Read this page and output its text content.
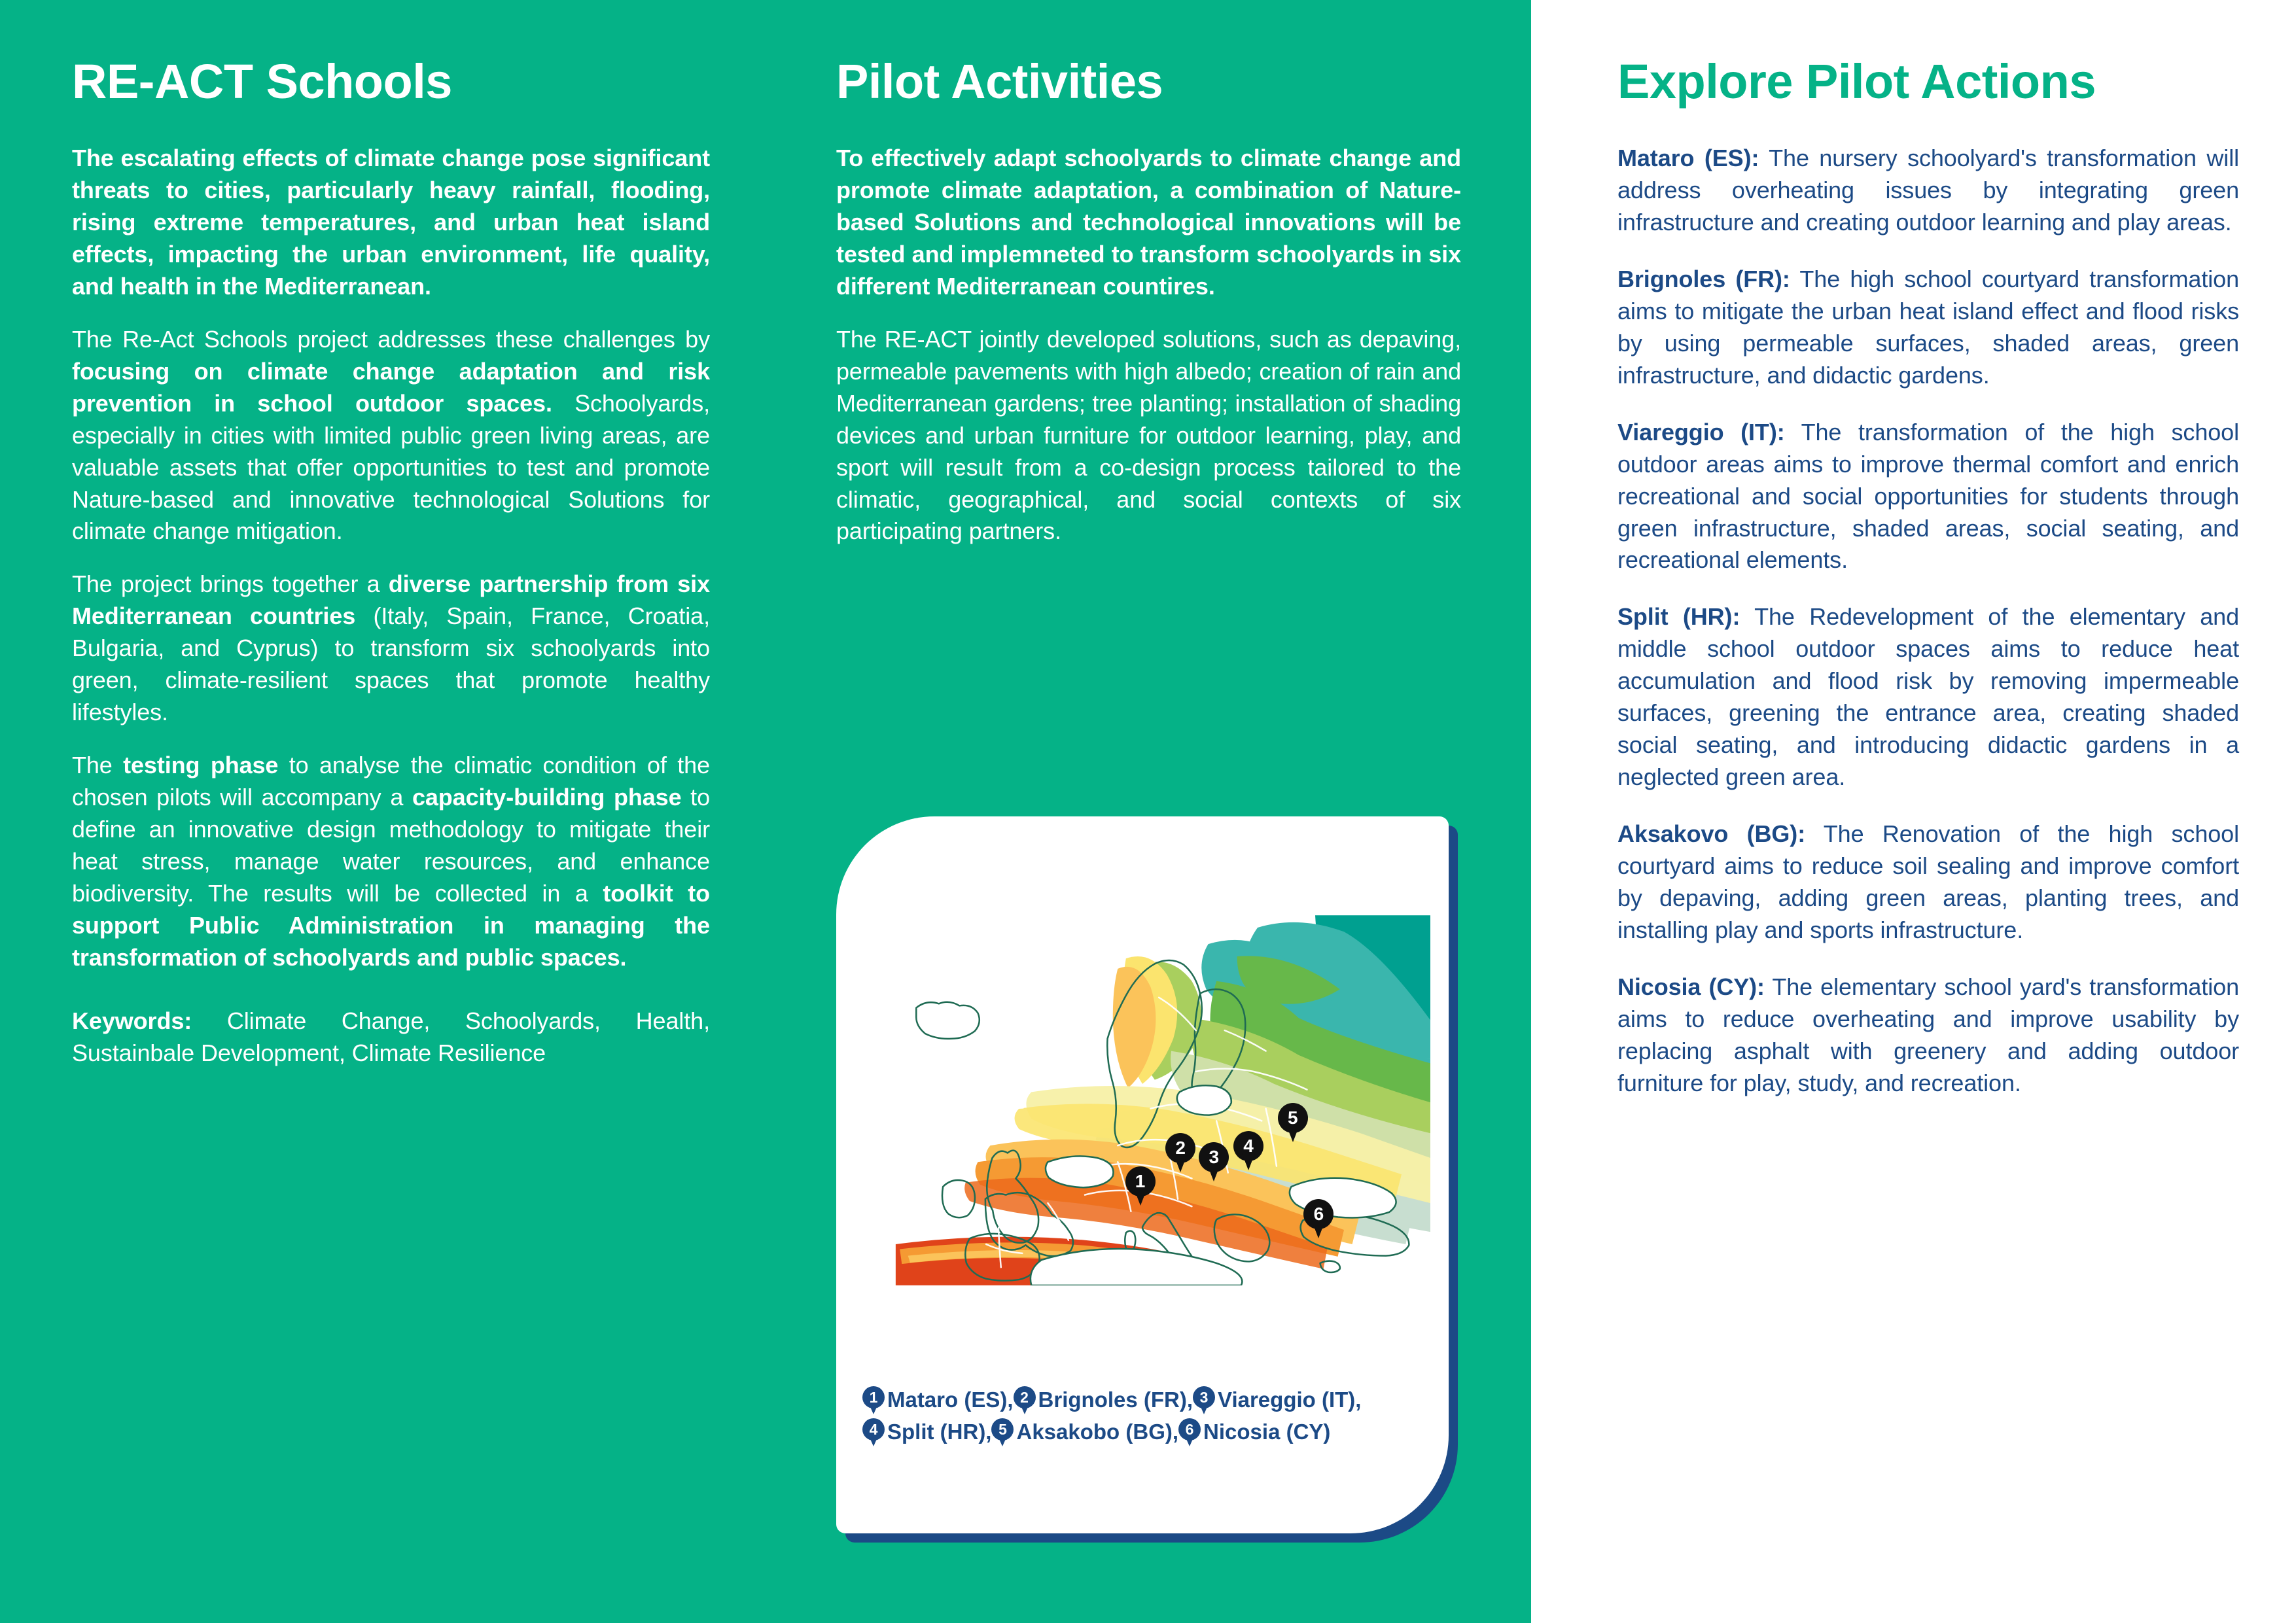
RE-ACT Schools

The escalating effects of climate change pose significant threats to cities, particularly heavy rainfall, flooding, rising extreme temperatures, and urban heat island effects, impacting the urban environment, life quality, and health in the Mediterranean.

The Re-Act Schools project addresses these challenges by focusing on climate change adaptation and risk prevention in school outdoor spaces. Schoolyards, especially in cities with limited public green living areas, are valuable assets that offer opportunities to test and promote Nature-based and innovative technological Solutions for climate change mitigation.

The project brings together a diverse partnership from six Mediterranean countries (Italy, Spain, France, Croatia, Bulgaria, and Cyprus) to transform six schoolyards into green, climate-resilient spaces that promote healthy lifestyles.

The testing phase to analyse the climatic condition of the chosen pilots will accompany a capacity-building phase to define an innovative design methodology to mitigate their heat stress, manage water resources, and enhance biodiversity. The results will be collected in a toolkit to support Public Administration in managing the transformation of schoolyards and public spaces.

Keywords: Climate Change, Schoolyards, Health, Sustainbale Development, Climate Resilience

Pilot Activities

To effectively adapt schoolyards to climate change and promote climate adaptation, a combination of Nature-based Solutions and technological innovations will be tested and implemneted to transform schoolyards in six different Mediterranean countires.

The RE-ACT jointly developed solutions, such as depaving, permeable pavements with high albedo; creation of rain and Mediterranean gardens; tree planting; installation of shading devices and urban furniture for outdoor learning, play, and sport will result from a co-design process tailored to the climatic, geographical, and social contexts of six participating partners.

1
2	3
4
5
6
1 Mataro (ES), 2 Brignoles (FR), 3 Viareggio (IT),
4 Split (HR), 5 Aksakobo (BG), 6 Nicosia (CY)
Explore Pilot Actions

Mataro (ES): The nursery schoolyard's transformation will address overheating issues by integrating green infrastructure and creating outdoor learning and play areas.

Brignoles (FR): The high school courtyard transformation aims to mitigate the urban heat island effect and flood risks by using permeable surfaces, shaded areas, green infrastructure, and didactic gardens.

Viareggio (IT): The transformation of the high school outdoor areas aims to improve thermal comfort and enrich recreational and social opportunities for students through green infrastructure, shaded areas, social seating, and recreational elements.

Split (HR): The Redevelopment of the elementary and middle school outdoor spaces aims to reduce heat accumulation and flood risk by removing impermeable surfaces, greening the entrance area, creating shaded social seating, and introducing didactic gardens in a neglected green area.

Aksakovo (BG): The Renovation of the high school courtyard aims to reduce soil sealing and improve comfort by depaving, adding green areas, planting trees, and installing play and sports infrastructure.

Nicosia (CY): The elementary school yard's transformation aims to reduce overheating and improve usability by replacing asphalt with greenery and adding outdoor furniture for play, study, and recreation.
